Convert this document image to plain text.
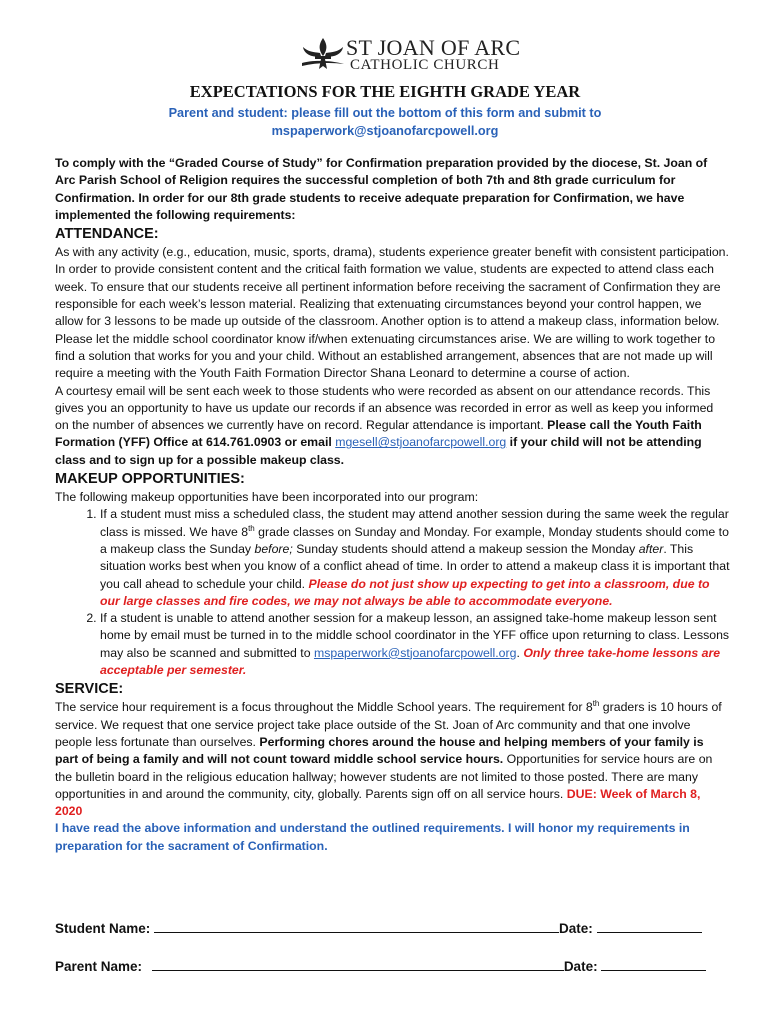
ST JOAN OF ARC
CATHOLIC CHURCH
EXPECTATIONS FOR THE EIGHTH GRADE YEAR
Parent and student: please fill out the bottom of this form and submit to
mspaperwork@stjoanofarcpowell.org

To comply with the “Graded Course of Study” for Confirmation preparation provided by the diocese, St. Joan of Arc Parish School of Religion requires the successful completion of both 7th and 8th grade curriculum for Confirmation. In order for our 8th grade students to receive adequate preparation for Confirmation, we have implemented the following requirements:

ATTENDANCE:

As with any activity (e.g., education, music, sports, drama), students experience greater benefit with consistent participation. In order to provide consistent content and the critical faith formation we value, students are expected to attend class each week. To ensure that our students receive all pertinent information before receiving the sacrament of Confirmation they are responsible for each week’s lesson material. Realizing that extenuating circumstances beyond your control happen, we allow for 3 lessons to be made up outside of the classroom. Another option is to attend a makeup class, information below. Please let the middle school coordinator know if/when extenuating circumstances arise. We are willing to work together to find a solution that works for you and your child. Without an established arrangement, absences that are not made up will require a meeting with the Youth Faith Formation Director Shana Leonard to determine a course of action.

A courtesy email will be sent each week to those students who were recorded as absent on our attendance records. This gives you an opportunity to have us update our records if an absence was recorded in error as well as keep you informed on the number of absences we currently have on record. Regular attendance is important. Please call the Youth Faith Formation (YFF) Office at 614.761.0903 or email mgesell@stjoanofarcpowell.org if your child will not be attending class and to sign up for a possible makeup class.

MAKEUP OPPORTUNITIES:

The following makeup opportunities have been incorporated into our program:

1. If a student must miss a scheduled class, the student may attend another session during the same week the regular class is missed. We have 8th grade classes on Sunday and Monday. For example, Monday students should come to a makeup class the Sunday before; Sunday students should attend a makeup session the Monday after. This situation works best when you know of a conflict ahead of time. In order to attend a makeup class it is important that you call ahead to schedule your child. Please do not just show up expecting to get into a classroom, due to our large classes and fire codes, we may not always be able to accommodate everyone.
2. If a student is unable to attend another session for a makeup lesson, an assigned take-home makeup lesson sent home by email must be turned in to the middle school coordinator in the YFF office upon returning to class. Lessons may also be scanned and submitted to mspaperwork@stjoanofarcpowell.org. Only three take-home lessons are acceptable per semester.
SERVICE:

The service hour requirement is a focus throughout the Middle School years. The requirement for 8th graders is 10 hours of service. We request that one service project take place outside of the St. Joan of Arc community and that one involve people less fortunate than ourselves. Performing chores around the house and helping members of your family is part of being a family and will not count toward middle school service hours. Opportunities for service hours are on the bulletin board in the religious education hallway; however students are not limited to those posted. There are many opportunities in and around the community, city, globally. Parents sign off on all service hours. DUE: Week of March 8, 2020

I have read the above information and understand the outlined requirements. I will honor my requirements in preparation for the sacrament of Confirmation.

Student Name:	Date:
Parent Name:	Date:
